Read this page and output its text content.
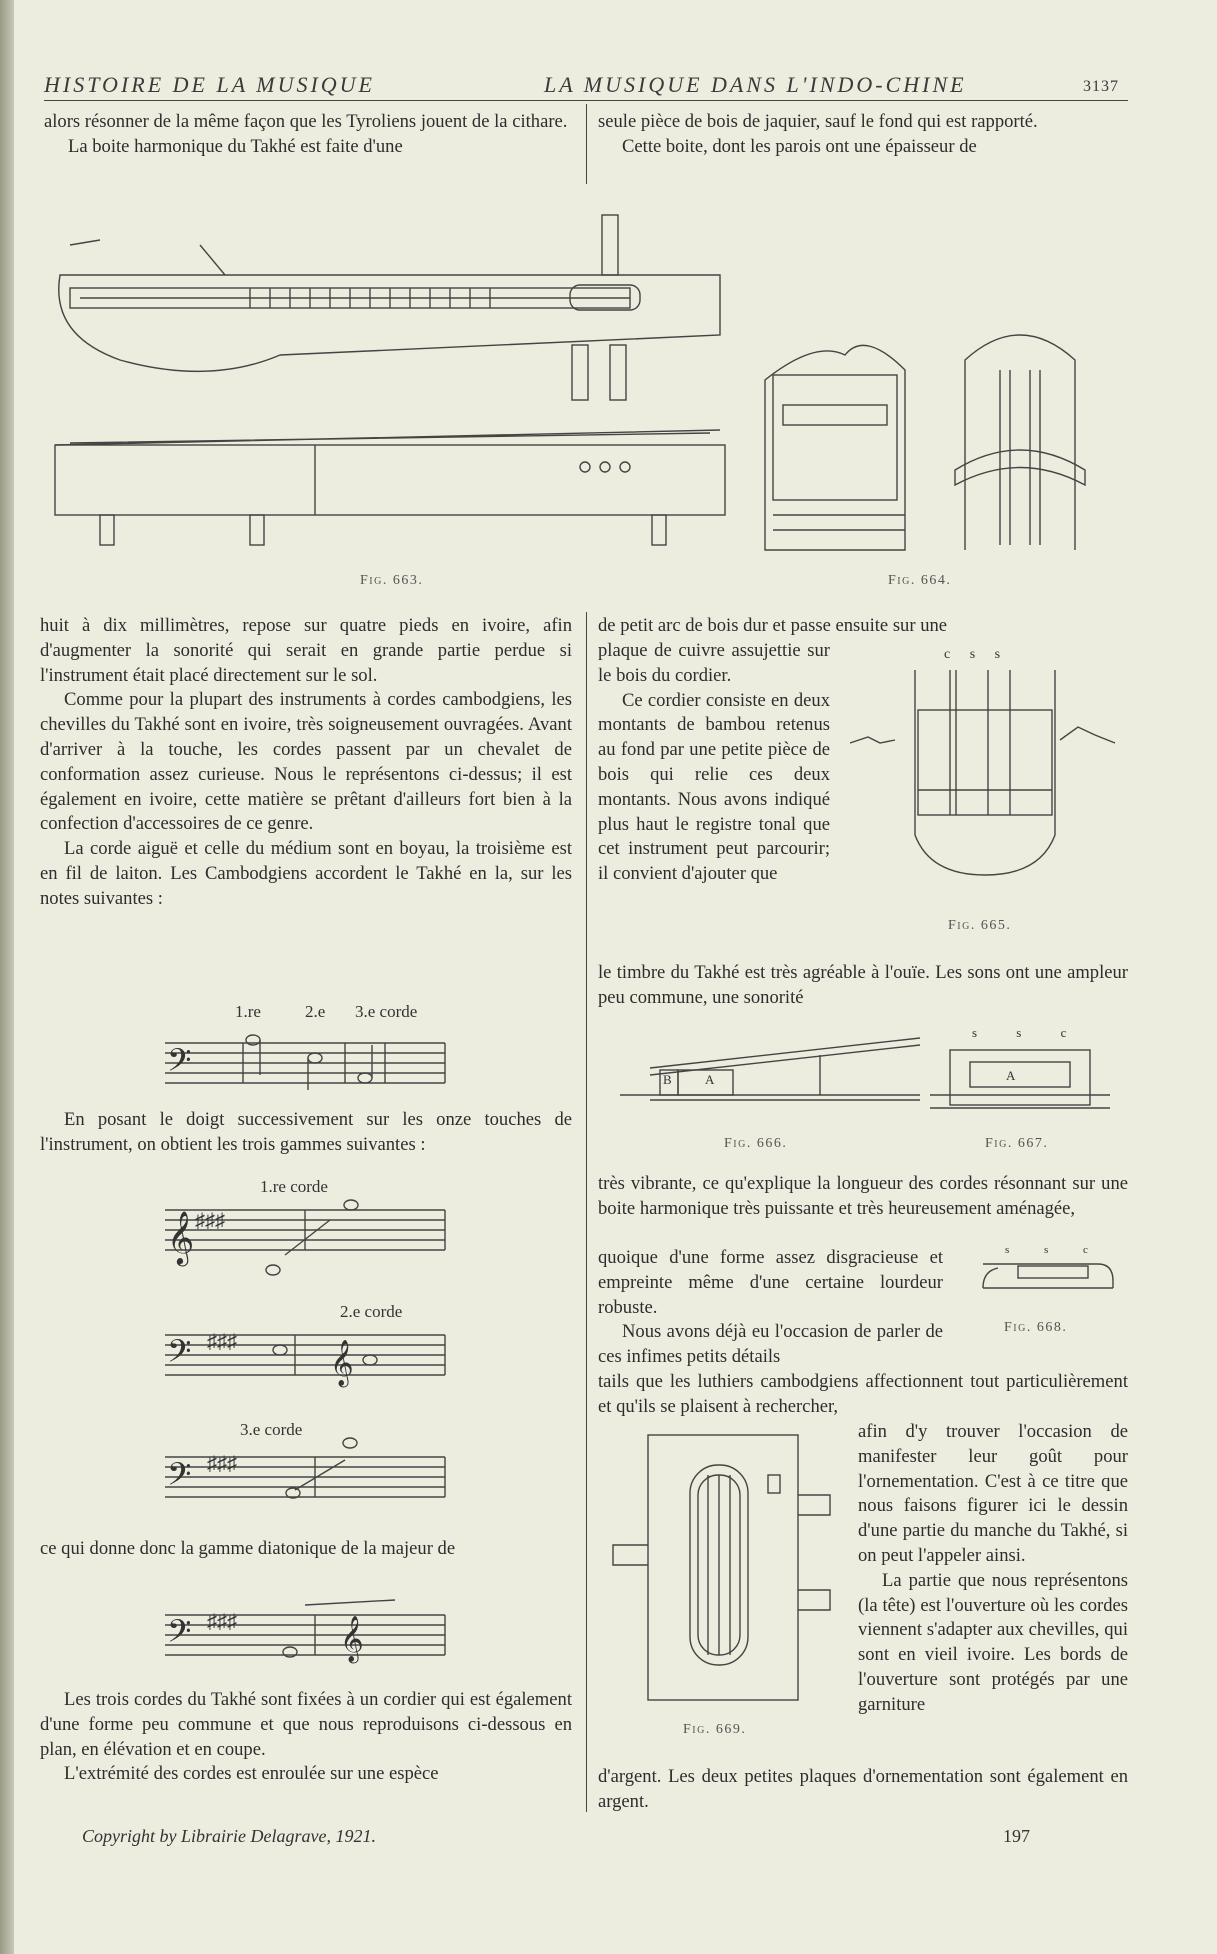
HISTOIRE DE LA MUSIQUE	LA MUSIQUE DANS L'INDO-CHINE	3137

alors résonner de la même façon que les Tyroliens jouent de la cithare.

La boite harmonique du Takhé est faite d'une

seule pièce de bois de jaquier, sauf le fond qui est rapporté.

Cette boite, dont les parois ont une épaisseur de

Fig. 663.	Fig. 664.

huit à dix millimètres, repose sur quatre pieds en ivoire, afin d'augmenter la sonorité qui serait en grande partie perdue si l'instrument était placé directement sur le sol.

Comme pour la plupart des instruments à cordes cambodgiens, les chevilles du Takhé sont en ivoire, très soigneusement ouvragées. Avant d'arriver à la touche, les cordes passent par un chevalet de conformation assez curieuse. Nous le représentons ci-dessus; il est également en ivoire, cette matière se prêtant d'ailleurs fort bien à la confection d'accessoires de ce genre.

La corde aiguë et celle du médium sont en boyau, la troisième est en fil de laiton. Les Cambodgiens accordent le Takhé en la, sur les notes suivantes :

1.re	2.e 3.e corde
𝄢

En posant le doigt successivement sur les onze touches de l'instrument, on obtient les trois gammes suivantes :

1.re corde
𝄞 ♯♯♯
2.e corde
𝄢 ♯♯♯ 𝄞
3.e corde
𝄢 ♯♯♯

ce qui donne donc la gamme diatonique de la majeur de

𝄢 ♯♯♯	𝄞

Les trois cordes du Takhé sont fixées à un cordier qui est également d'une forme peu commune et que nous reproduisons ci-dessous en plan, en élévation et en coupe.

L'extrémité des cordes est enroulée sur une espèce

de petit arc de bois dur et passe ensuite sur une

plaque de cuivre assujettie sur le bois du cordier.

Ce cordier consiste en deux montants de bambou retenus au fond par une petite pièce de bois qui relie ces deux montants. Nous avons indiqué plus haut le registre tonal que cet instrument peut parcourir; il convient d'ajouter que

le timbre du Takhé est très agréable à l'ouïe. Les sons ont une ampleur peu commune, une sonorité

c s s
Fig. 665.
B	A
Fig. 666.
s s c
A
Fig. 667.

très vibrante, ce qu'explique la longueur des cordes résonnant sur une boite harmonique très puissante et très heureusement aménagée,

quoique d'une forme assez disgracieuse et empreinte même d'une certaine lourdeur robuste.

Nous avons déjà eu l'occasion de parler de ces infimes petits détails

s s c
Fig. 668.

tails que les luthiers cambodgiens affectionnent tout particulièrement et qu'ils se plaisent à rechercher,

Fig. 669.

afin d'y trouver l'occasion de manifester leur goût pour l'ornementation. C'est à ce titre que nous faisons figurer ici le dessin d'une partie du manche du Takhé, si on peut l'appeler ainsi.

La partie que nous représentons (la tête) est l'ouverture où les cordes viennent s'adapter aux chevilles, qui sont en vieil ivoire. Les bords de l'ouverture sont protégés par une garniture

d'argent. Les deux petites plaques d'ornementation sont également en argent.

Copyright by Librairie Delagrave, 1921.	197
